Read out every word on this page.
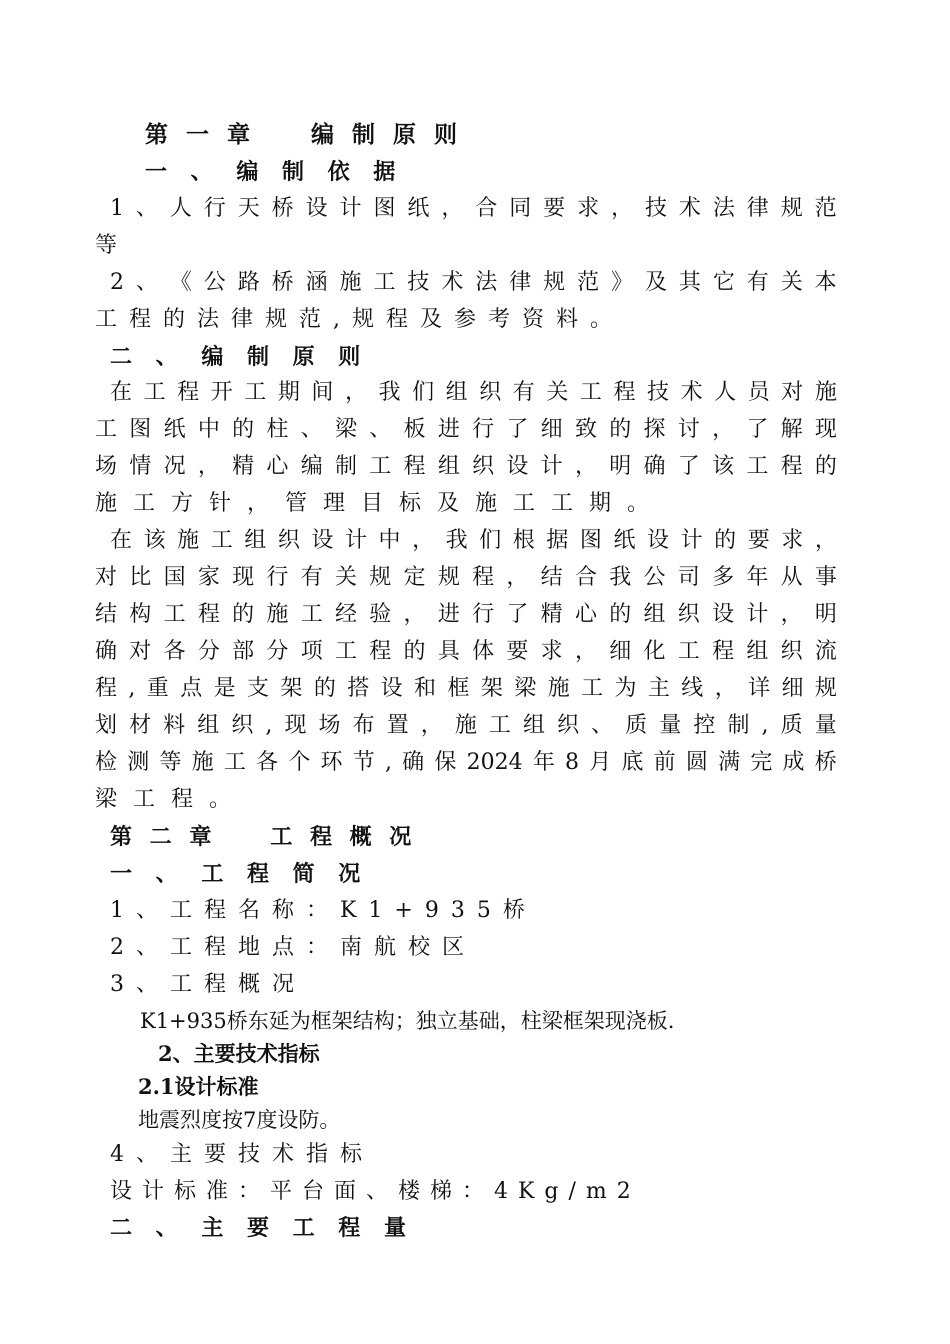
第 一 章　　编 制 原 则
一 、 编 制 依 据
1 、 人 行 天 桥 设 计 图 纸 ， 合 同 要 求 ， 技 术 法 律 规 范
等
2 、 《 公 路 桥 涵 施 工 技 术 法 律 规 范 》 及 其 它 有 关 本
工程的法律规范,规程及参考资料。
二 、 编 制 原 则
在 工 程 开 工 期 间 ， 我 们 组 织 有 关 工 程 技 术 人 员 对 施
工 图 纸 中 的 柱 、 梁 、 板 进 行 了 细 致 的 探 讨 ， 了 解 现
场 情 况 ， 精 心 编 制 工 程 组 织 设 计 ， 明 确 了 该 工 程 的
施工方针，管理目标及施工工期。
在 该 施 工 组 织 设 计 中 ， 我 们 根 据 图 纸 设 计 的 要 求 ，
对 比 国 家 现 行 有 关 规 定 规 程 ， 结 合 我 公 司 多 年 从 事
结 构 工 程 的 施 工 经 验 ， 进 行 了 精 心 的 组 织 设 计 ， 明
确 对 各 分 部 分 项 工 程 的 具 体 要 求 ， 细 化 工 程 组 织 流
程 , 重 点 是 支 架 的 搭 设 和 框 架 梁 施 工 为 主 线 ， 详 细 规
划 材 料 组 织 , 现 场 布 置 ， 施 工 组 织 、 质 量 控 制 , 质 量
检 测 等 施 工 各 个 环 节 , 确 保 2024 年 8 月 底 前 圆 满 完 成 桥
梁工程。
第 二 章　　工 程 概 况
一 、 工 程 简 况
1、工程名称：K1+935桥
2、工程地点：南航校区
3、工程概况
K1+935桥东延为框架结构；独立基础，柱梁框架现浇板.
2、主要技术指标
2.1设计标准
地震烈度按7度设防。
4、主要技术指标
设计标准：平台面、楼梯：4Kg/m2
二 、 主 要 工 程 量
